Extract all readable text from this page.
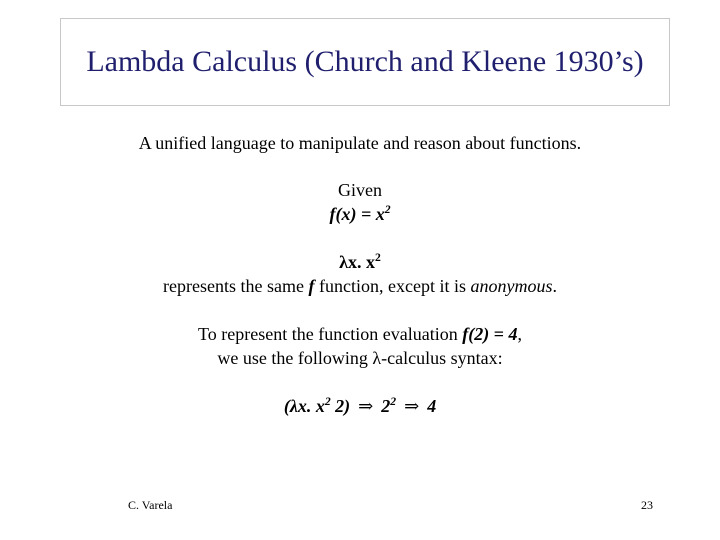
Lambda Calculus (Church and Kleene 1930’s)
A unified language to manipulate and reason about functions.
Given
$f(x) = x^2$
λx. $x^2$
represents the same f function, except it is anonymous.
To represent the function evaluation f(2) = 4,
we use the following λ-calculus syntax:
(λx. $x^2$ 2) ⇒ $2^2$ ⇒ 4
C. Varela	23
